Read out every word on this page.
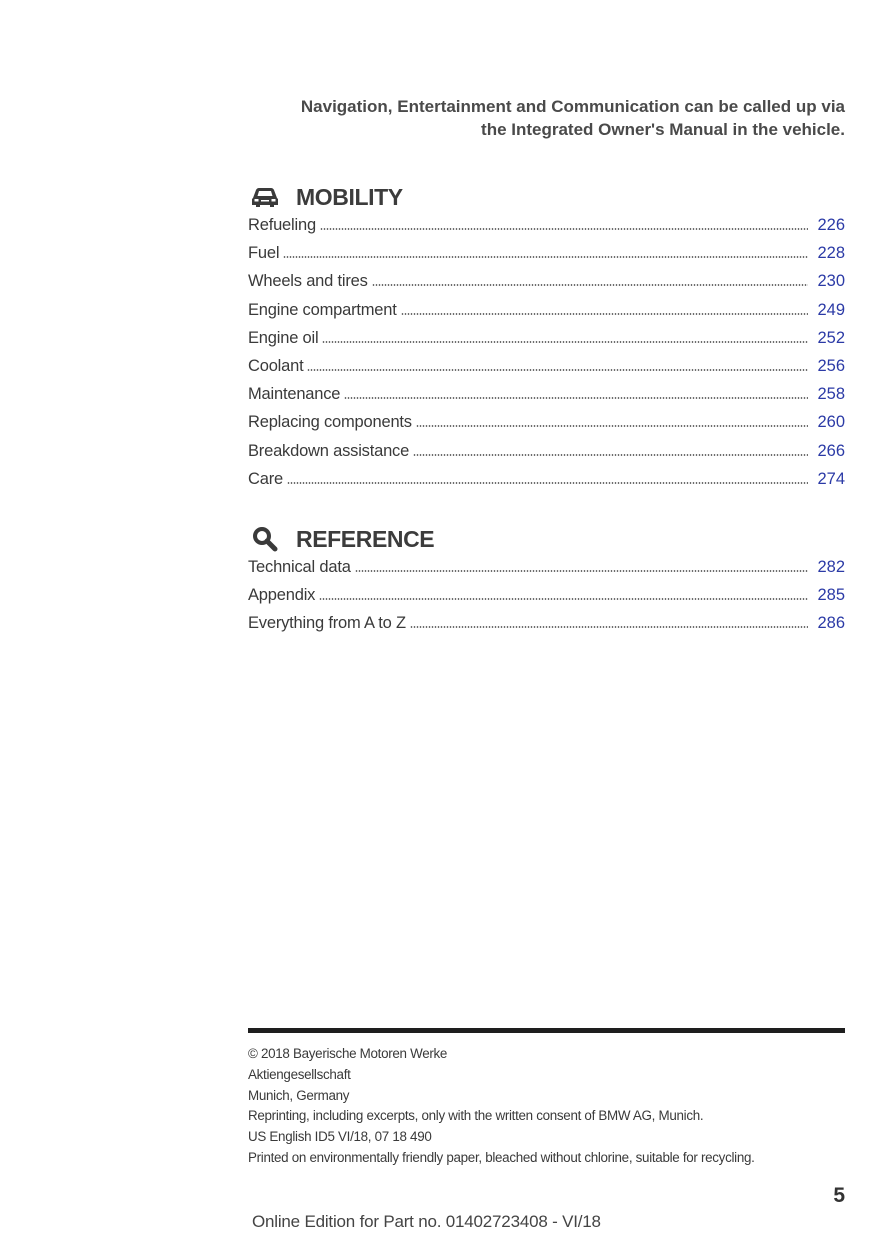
Navigation, Entertainment and Communication can be called up via
the Integrated Owner's Manual in the vehicle.
MOBILITY
Refueling	226
Fuel	228
Wheels and tires	230
Engine compartment	249
Engine oil	252
Coolant	256
Maintenance	258
Replacing components	260
Breakdown assistance	266
Care	274
REFERENCE
Technical data	282
Appendix	285
Everything from A to Z	286
© 2018 Bayerische Motoren Werke
Aktiengesellschaft
Munich, Germany
Reprinting, including excerpts, only with the written consent of BMW AG, Munich.
US English ID5 VI/18, 07 18 490
Printed on environmentally friendly paper, bleached without chlorine, suitable for recycling.
5
Online Edition for Part no. 01402723408 - VI/18
